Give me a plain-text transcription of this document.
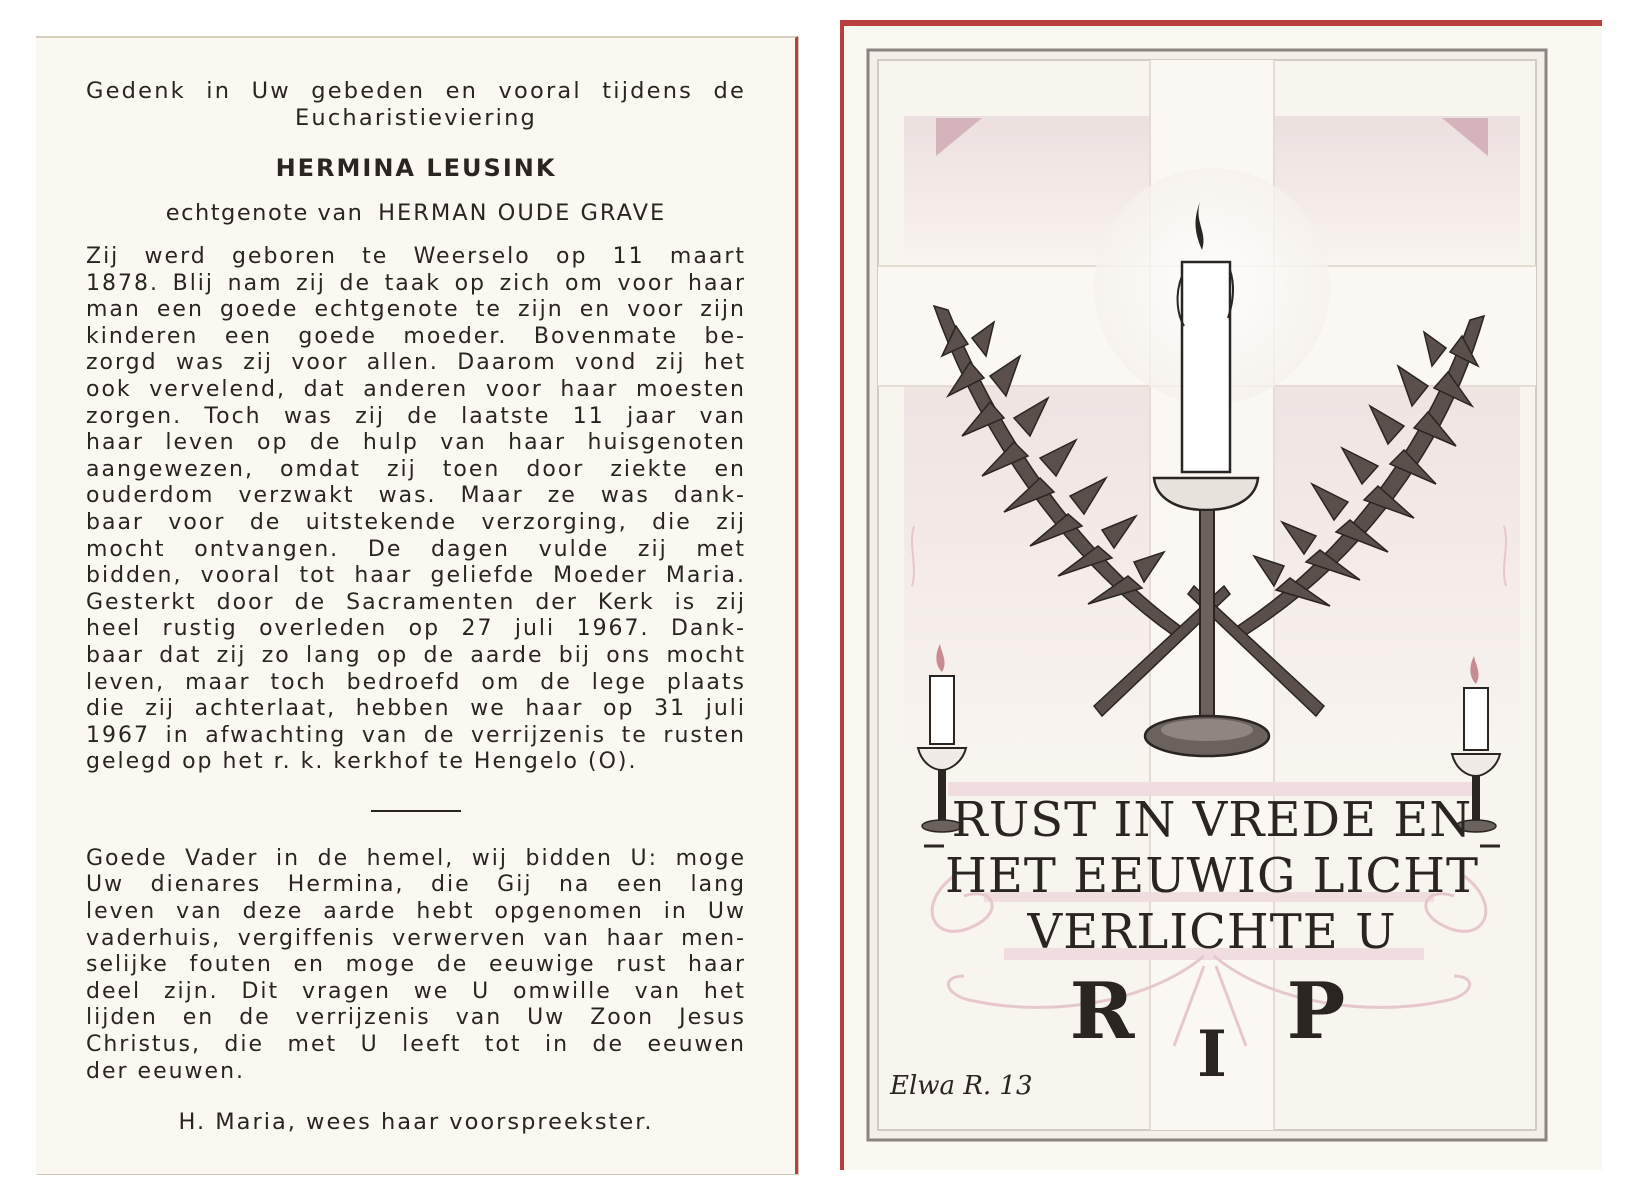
Gedenk in Uw gebeden en vooral tijdens de
Eucharistieviering
HERMINA LEUSINK
echtgenote van HERMAN OUDE GRAVE
Zij werd geboren te Weerselo op 11 maart
1878. Blij nam zij de taak op zich om voor haar
man een goede echtgenote te zijn en voor zijn
kinderen een goede moeder. Bovenmate be-
zorgd was zij voor allen. Daarom vond zij het
ook vervelend, dat anderen voor haar moesten
zorgen. Toch was zij de laatste 11 jaar van
haar leven op de hulp van haar huisgenoten
aangewezen, omdat zij toen door ziekte en
ouderdom verzwakt was. Maar ze was dank-
baar voor de uitstekende verzorging, die zij
mocht ontvangen. De dagen vulde zij met
bidden, vooral tot haar geliefde Moeder Maria.
Gesterkt door de Sacramenten der Kerk is zij
heel rustig overleden op 27 juli 1967. Dank-
baar dat zij zo lang op de aarde bij ons mocht
leven, maar toch bedroefd om de lege plaats
die zij achterlaat, hebben we haar op 31 juli
1967 in afwachting van de verrijzenis te rusten
gelegd op het r. k. kerkhof te Hengelo (O).
Goede Vader in de hemel, wij bidden U: moge
Uw dienares Hermina, die Gij na een lang
leven van deze aarde hebt opgenomen in Uw
vaderhuis, vergiffenis verwerven van haar men-
selijke fouten en moge de eeuwige rust haar
deel zijn. Dit vragen we U omwille van het
lijden en de verrijzenis van Uw Zoon Jesus
Christus, die met U leeft tot in de eeuwen
der eeuwen.
H. Maria, wees haar voorspreekster.
RUST IN VREDE EN
HET EEUWIG LICHT
VERLICHTE U
R I P
Elwa R. 13
